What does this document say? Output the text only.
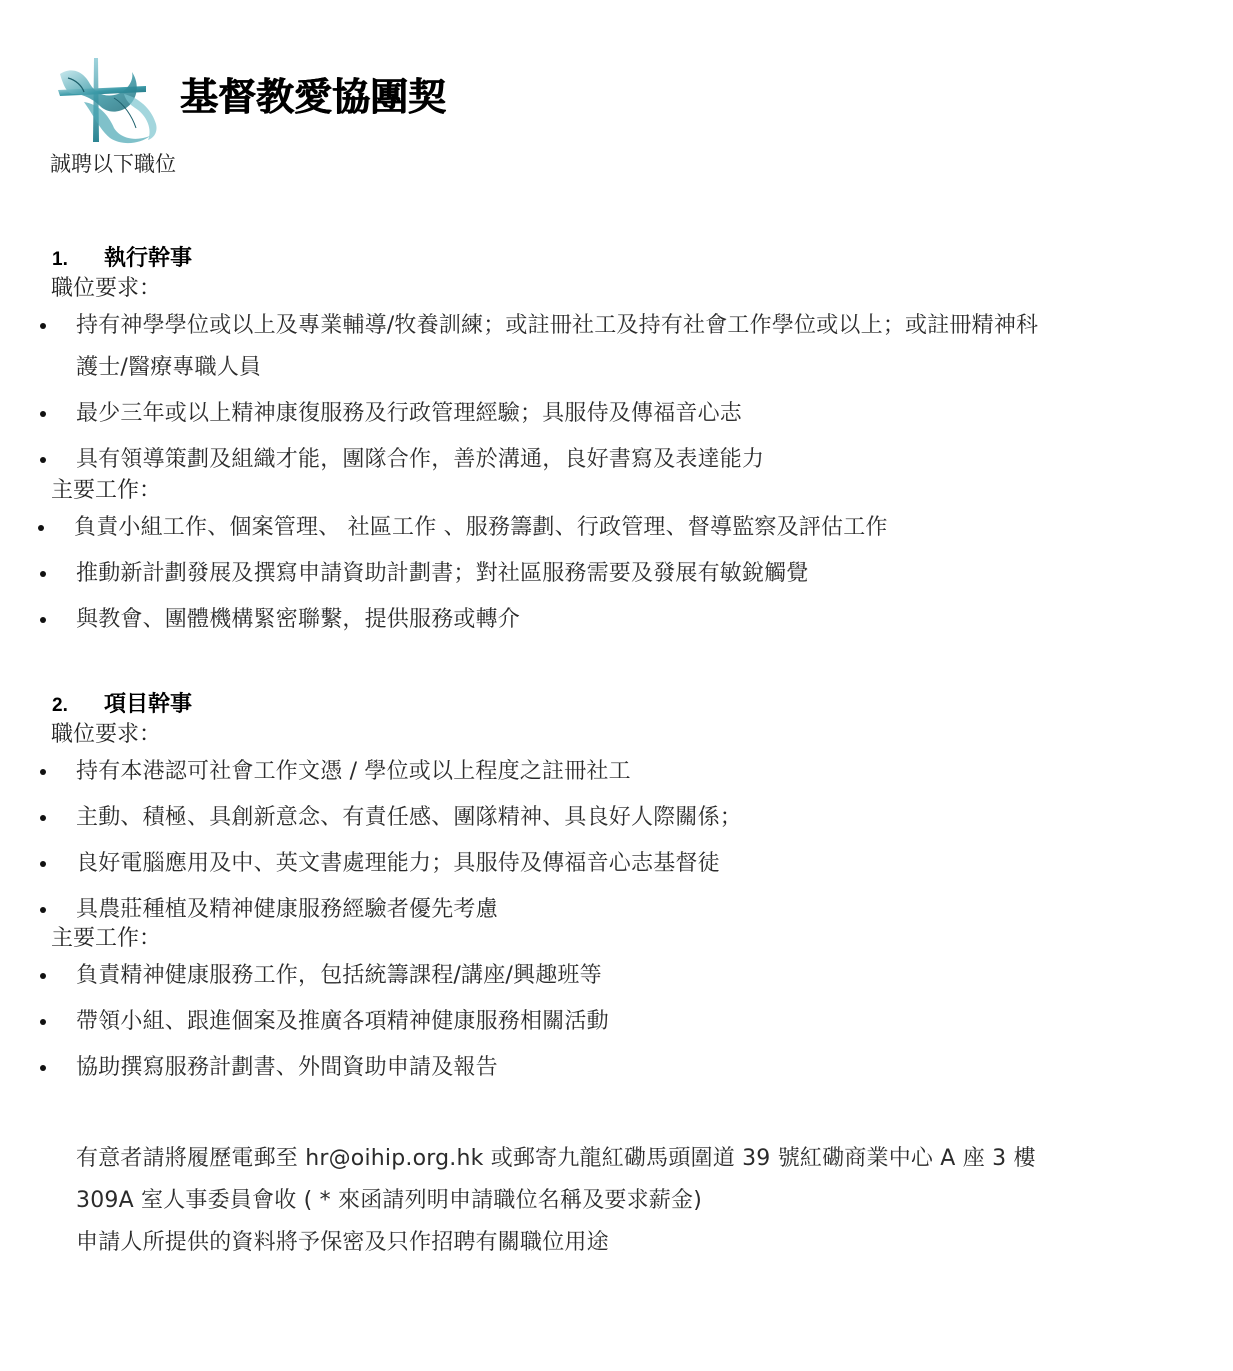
基督教愛協團契
誠聘以下職位
1.	執行幹事
職位要求：
持有神學學位或以上及專業輔導/牧養訓練；或註冊社工及持有社會工作學位或以上；或註冊精神科
護士/醫療專職人員
最少三年或以上精神康復服務及行政管理經驗；具服侍及傳福音心志
具有領導策劃及組織才能，團隊合作，善於溝通，良好書寫及表達能力
主要工作：
負責小組工作、個案管理、 社區工作 、服務籌劃、行政管理、督導監察及評估工作
推動新計劃發展及撰寫申請資助計劃書；對社區服務需要及發展有敏銳觸覺
與教會、團體機構緊密聯繫，提供服務或轉介
2.	項目幹事
職位要求：
持有本港認可社會工作文憑 / 學位或以上程度之註冊社工
主動、積極、具創新意念、有責任感、團隊精神、具良好人際關係；
良好電腦應用及中、英文書處理能力；具服侍及傳福音心志基督徒
具農莊種植及精神健康服務經驗者優先考慮
主要工作：
負責精神健康服務工作，包括統籌課程/講座/興趣班等
帶領小組、跟進個案及推廣各項精神健康服務相關活動
協助撰寫服務計劃書、外間資助申請及報告

有意者請將履歷電郵至 hr@oihip.org.hk 或郵寄九龍紅磡馬頭圍道 39 號紅磡商業中心 A 座 3 樓

309A 室人事委員會收 ( * 來函請列明申請職位名稱及要求薪金)

申請人所提供的資料將予保密及只作招聘有關職位用途
